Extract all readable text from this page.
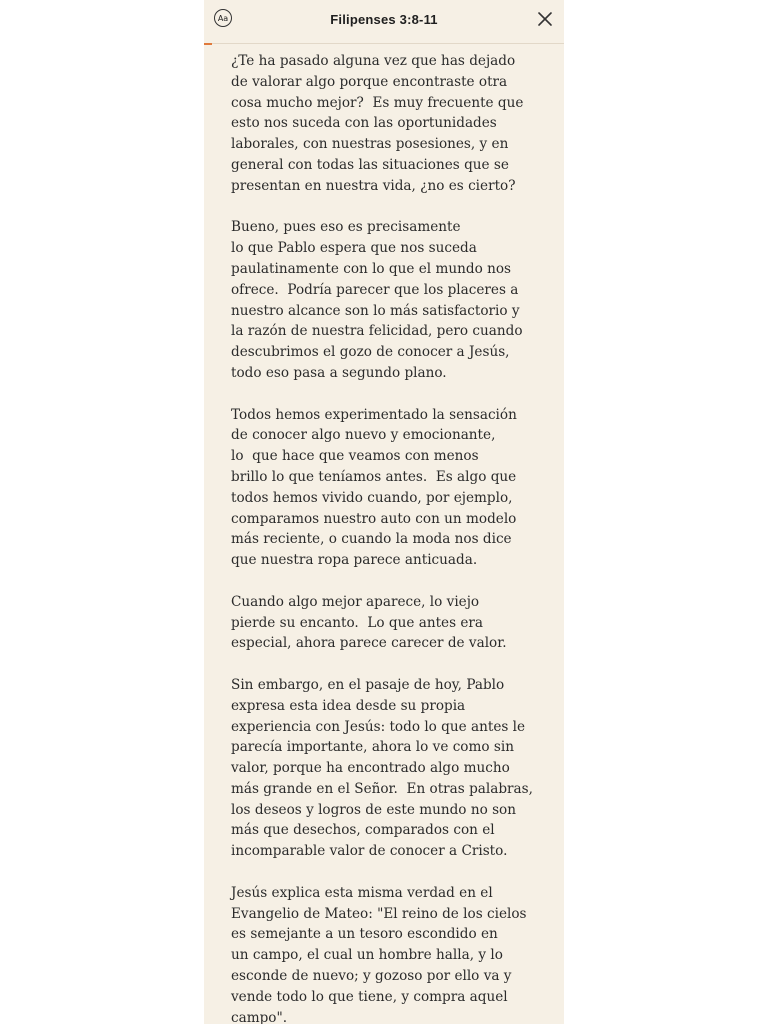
Aa	Filipenses 3:8-11

¿Te ha pasado alguna vez que has dejado
de valorar algo porque encontraste otra
cosa mucho mejor?  Es muy frecuente que
esto nos suceda con las oportunidades
laborales, con nuestras posesiones, y en
general con todas las situaciones que se
presentan en nuestra vida, ¿no es cierto?

Bueno, pues eso es precisamente
lo que Pablo espera que nos suceda
paulatinamente con lo que el mundo nos
ofrece.  Podría parecer que los placeres a
nuestro alcance son lo más satisfactorio y
la razón de nuestra felicidad, pero cuando
descubrimos el gozo de conocer a Jesús,
todo eso pasa a segundo plano.

Todos hemos experimentado la sensación
de conocer algo nuevo y emocionante,
lo  que hace que veamos con menos
brillo lo que teníamos antes.  Es algo que
todos hemos vivido cuando, por ejemplo,
comparamos nuestro auto con un modelo
más reciente, o cuando la moda nos dice
que nuestra ropa parece anticuada.

Cuando algo mejor aparece, lo viejo
pierde su encanto.  Lo que antes era
especial, ahora parece carecer de valor.

Sin embargo, en el pasaje de hoy, Pablo
expresa esta idea desde su propia
experiencia con Jesús: todo lo que antes le
parecía importante, ahora lo ve como sin
valor, porque ha encontrado algo mucho
más grande en el Señor.  En otras palabras,
los deseos y logros de este mundo no son
más que desechos, comparados con el
incomparable valor de conocer a Cristo.

Jesús explica esta misma verdad en el
Evangelio de Mateo: "El reino de los cielos
es semejante a un tesoro escondido en
un campo, el cual un hombre halla, y lo
esconde de nuevo; y gozoso por ello va y
vende todo lo que tiene, y compra aquel
campo".
